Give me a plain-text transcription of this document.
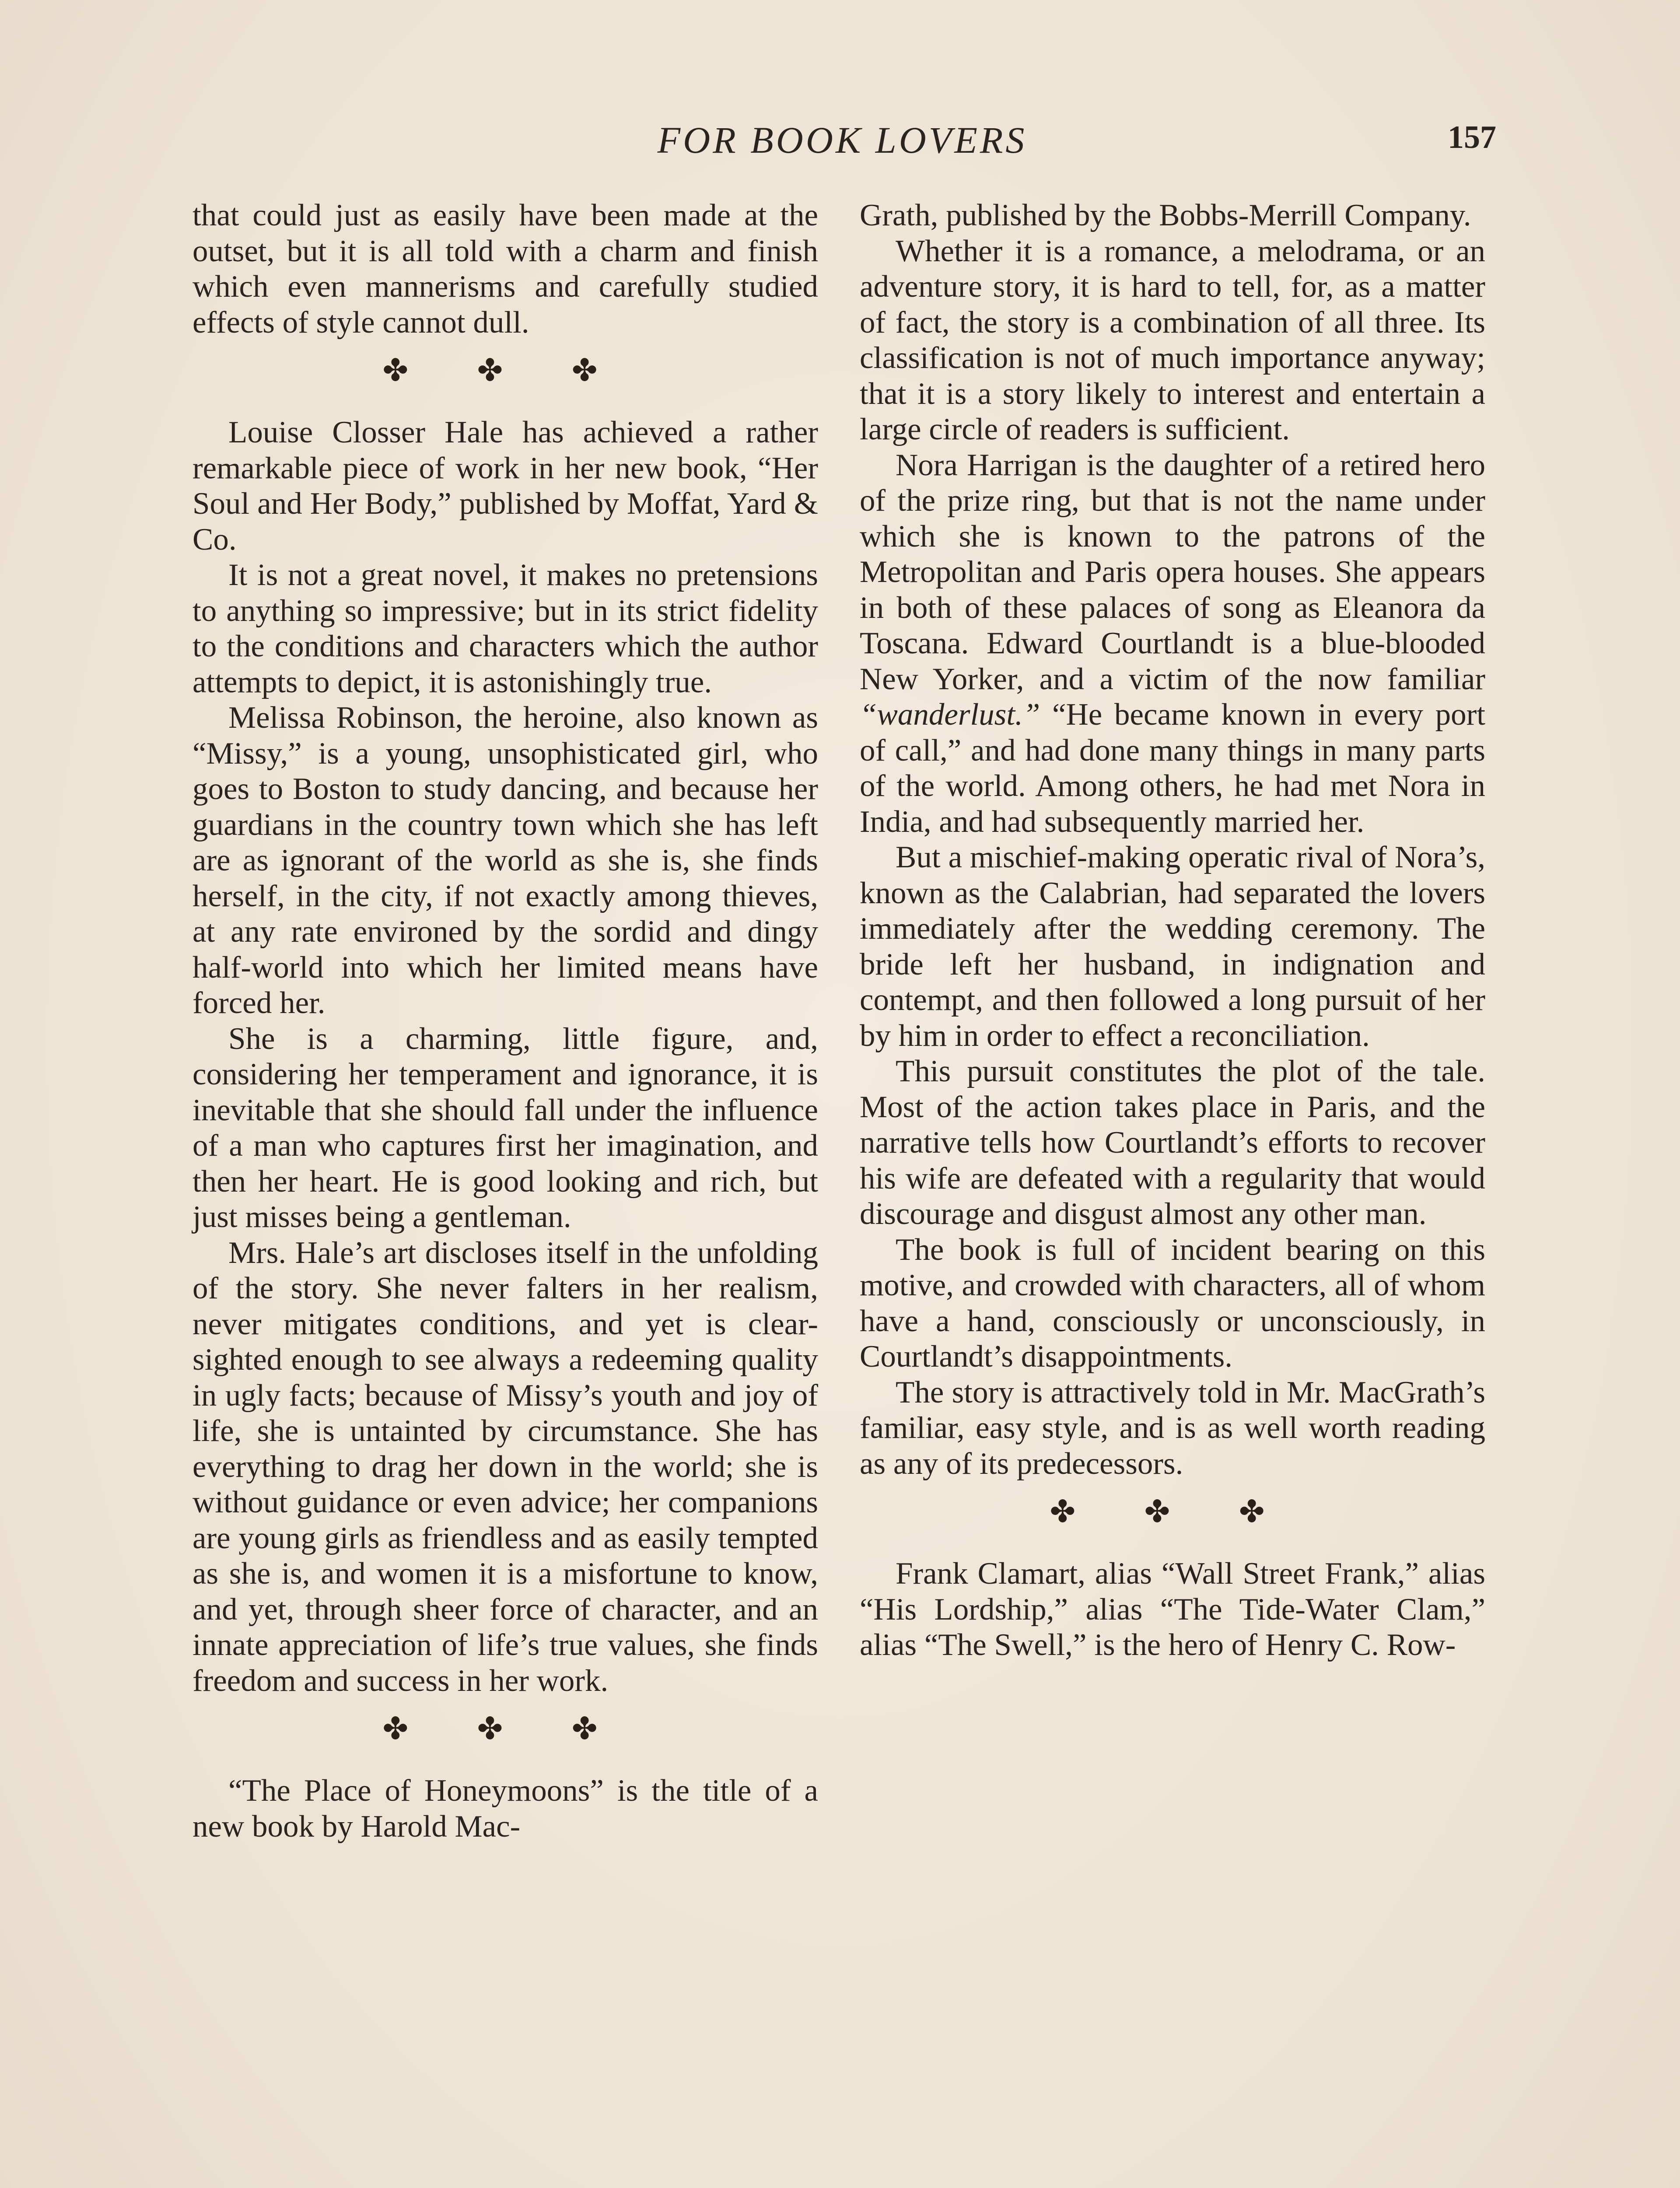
FOR BOOK LOVERS	157

that could just as easily have been made at the outset, but it is all told with a charm and finish which even mannerisms and carefully studied effects of style cannot dull.

✤ ✤ ✤

Louise Closser Hale has achieved a rather remarkable piece of work in her new book, “Her Soul and Her Body,” published by Moffat, Yard & Co.

It is not a great novel, it makes no pretensions to anything so impressive; but in its strict fidelity to the conditions and characters which the author attempts to depict, it is astonishingly true.

Melissa Robinson, the heroine, also known as “Missy,” is a young, unsophisticated girl, who goes to Boston to study dancing, and because her guardians in the country town which she has left are as ignorant of the world as she is, she finds herself, in the city, if not exactly among thieves, at any rate environed by the sordid and dingy half-world into which her limited means have forced her.

She is a charming, little figure, and, considering her temperament and ignorance, it is inevitable that she should fall under the influence of a man who captures first her imagination, and then her heart. He is good looking and rich, but just misses being a gentleman.

Mrs. Hale’s art discloses itself in the unfolding of the story. She never falters in her realism, never mitigates conditions, and yet is clear-sighted enough to see always a redeeming quality in ugly facts; because of Missy’s youth and joy of life, she is untainted by circumstance. She has everything to drag her down in the world; she is without guidance or even advice; her companions are young girls as friendless and as easily tempted as she is, and women it is a misfortune to know, and yet, through sheer force of character, and an innate appreciation of life’s true values, she finds freedom and success in her work.

✤ ✤ ✤

“The Place of Honeymoons” is the title of a new book by Harold Mac-

Grath, published by the Bobbs-Merrill Company.

Whether it is a romance, a melodrama, or an adventure story, it is hard to tell, for, as a matter of fact, the story is a combination of all three. Its classification is not of much importance anyway; that it is a story likely to interest and entertain a large circle of readers is sufficient.

Nora Harrigan is the daughter of a retired hero of the prize ring, but that is not the name under which she is known to the patrons of the Metropolitan and Paris opera houses. She appears in both of these palaces of song as Eleanora da Toscana. Edward Courtlandt is a blue-blooded New Yorker, and a victim of the now familiar “wanderlust.” “He became known in every port of call,” and had done many things in many parts of the world. Among others, he had met Nora in India, and had subsequently married her.

But a mischief-making operatic rival of Nora’s, known as the Calabrian, had separated the lovers immediately after the wedding ceremony. The bride left her husband, in indignation and contempt, and then followed a long pursuit of her by him in order to effect a reconciliation.

This pursuit constitutes the plot of the tale. Most of the action takes place in Paris, and the narrative tells how Courtlandt’s efforts to recover his wife are defeated with a regularity that would discourage and disgust almost any other man.

The book is full of incident bearing on this motive, and crowded with characters, all of whom have a hand, consciously or unconsciously, in Courtlandt’s disappointments.

The story is attractively told in Mr. MacGrath’s familiar, easy style, and is as well worth reading as any of its predecessors.

✤ ✤ ✤

Frank Clamart, alias “Wall Street Frank,” alias “His Lordship,” alias “The Tide-Water Clam,” alias “The Swell,” is the hero of Henry C. Row-
